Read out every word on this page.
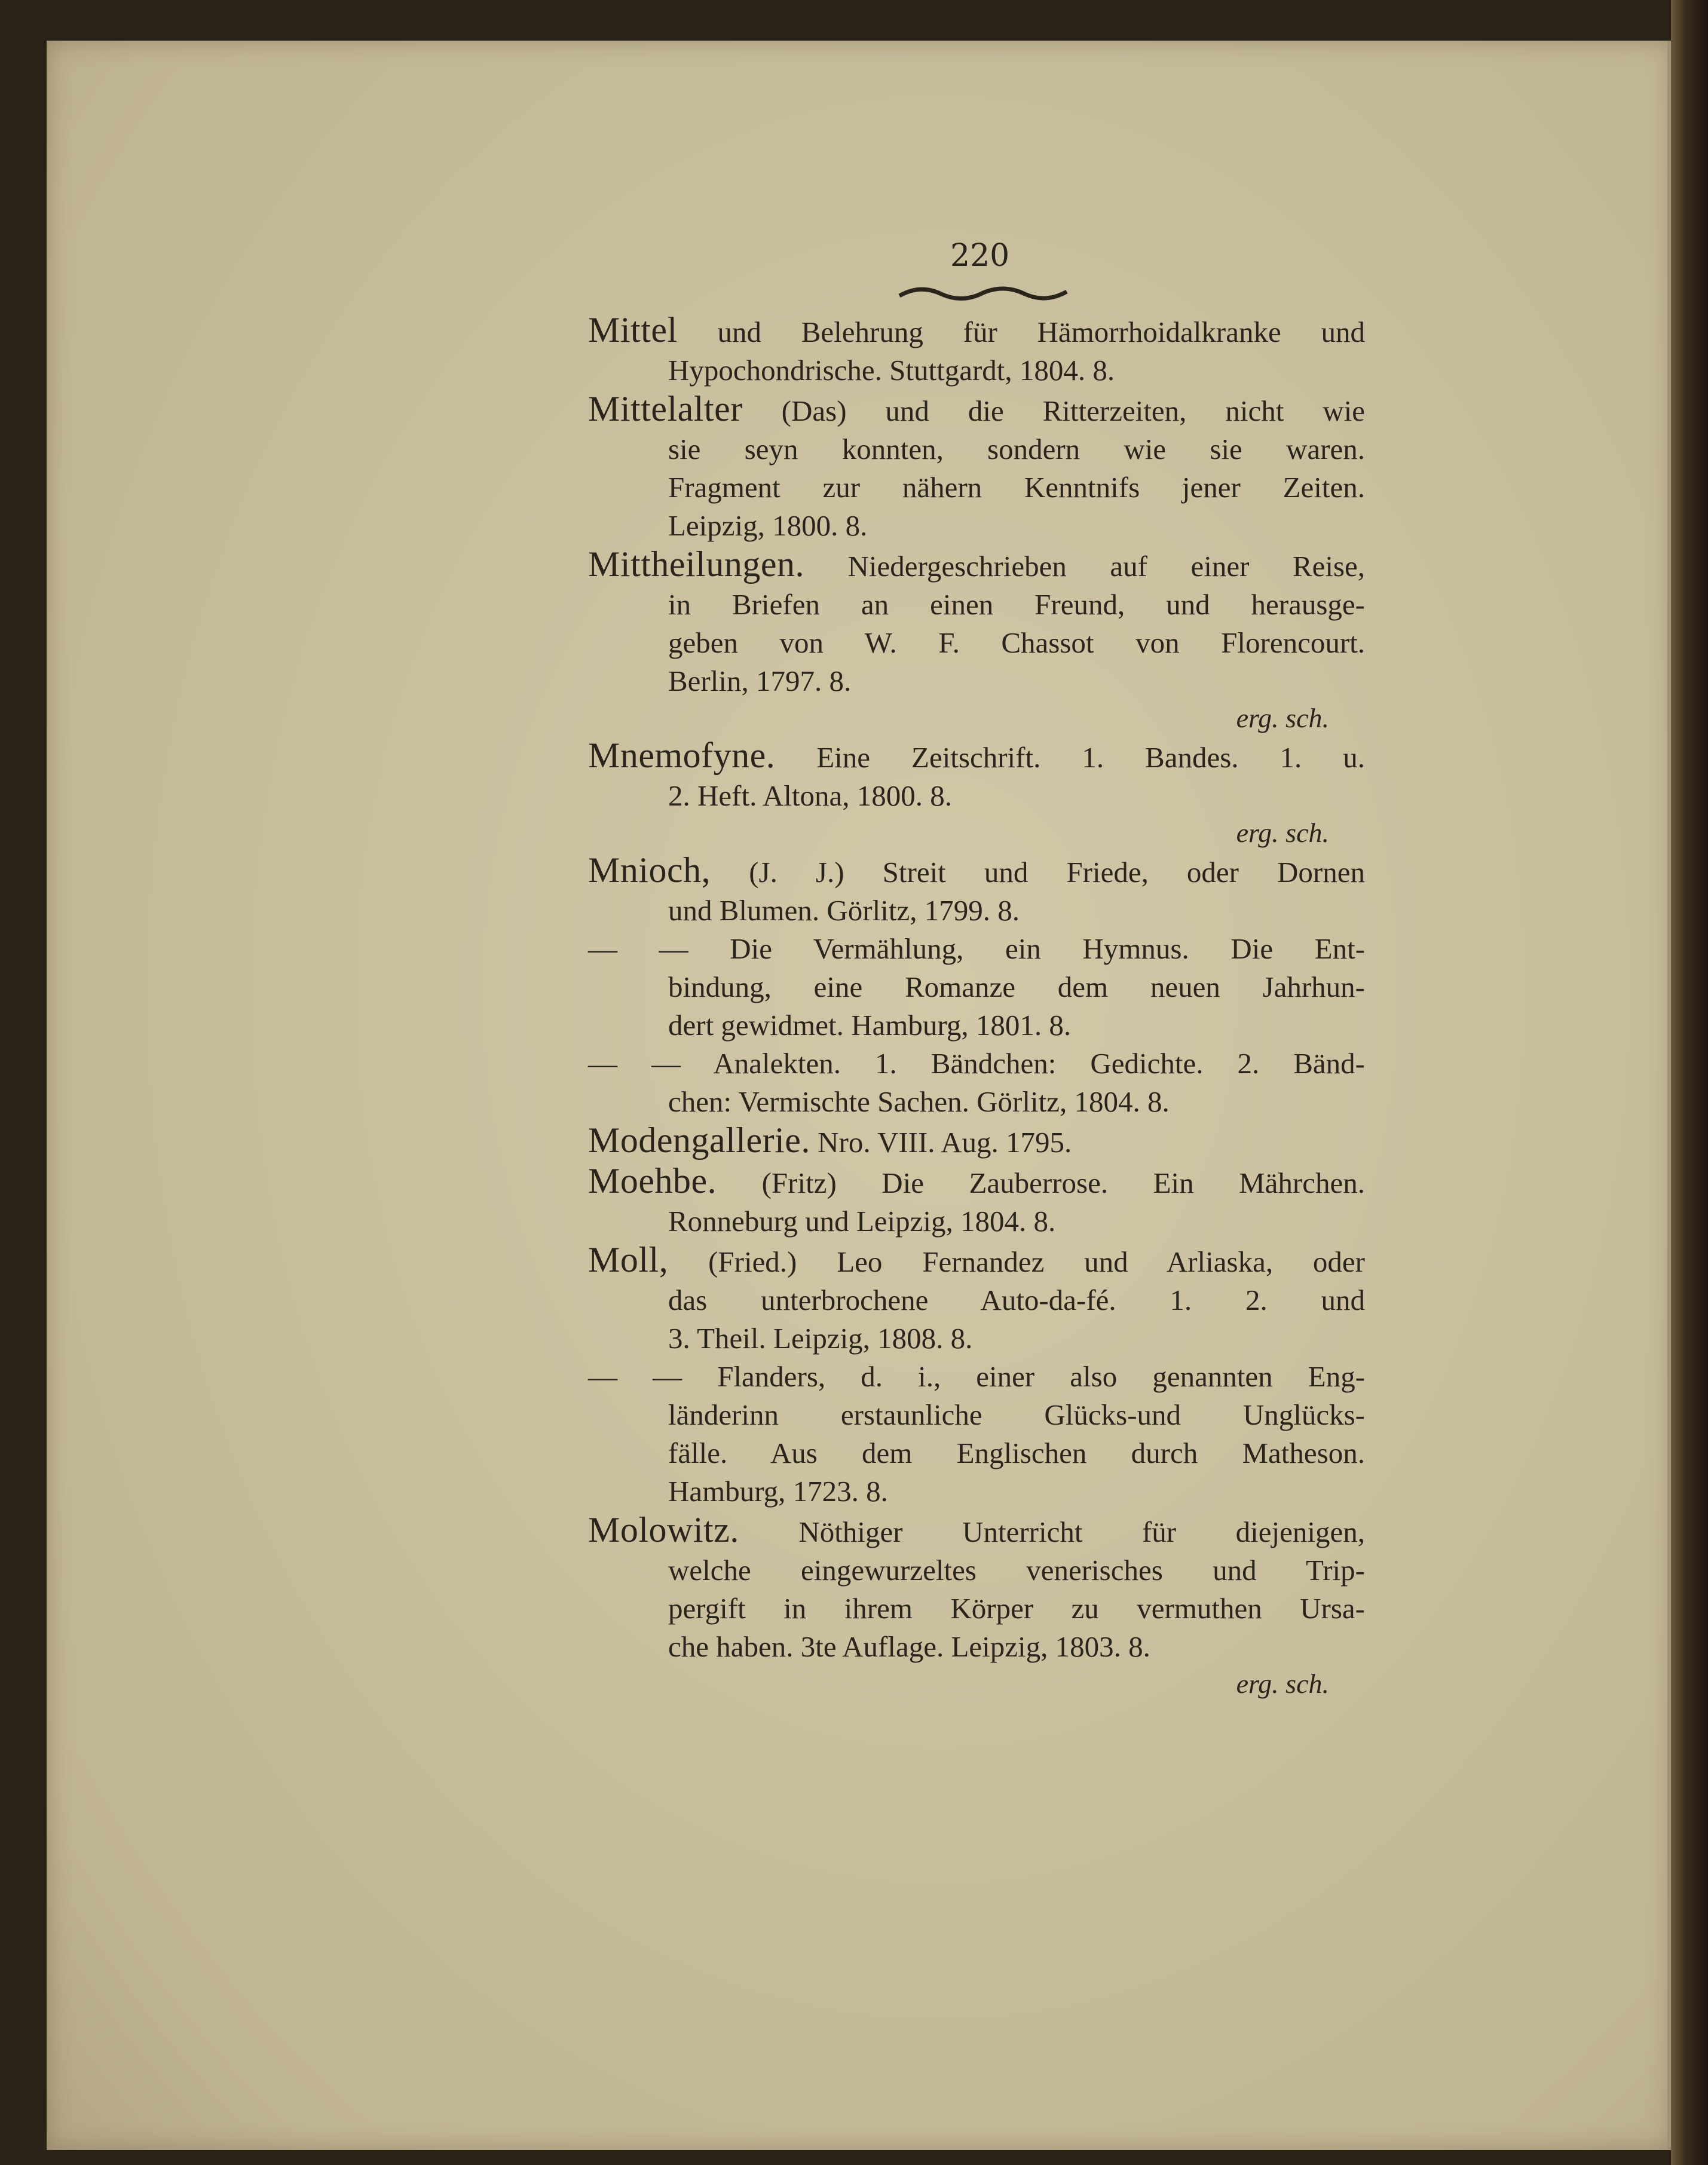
220
Mittel und Belehrung für Hämorrhoidalkranke und
Hypochondrische. Stuttgardt, 1804. 8.
Mittelalter (Das) und die Ritterzeiten, nicht wie
sie seyn konnten, sondern wie sie waren.
Fragment zur nähern Kenntnifs jener Zeiten.
Leipzig, 1800. 8.
Mittheilungen. Niedergeschrieben auf einer Reise,
in Briefen an einen Freund, und herausge-
geben von W. F. Chassot von Florencourt.
Berlin, 1797. 8.
erg. sch.
Mnemofyne. Eine Zeitschrift. 1. Bandes. 1. u.
2. Heft. Altona, 1800. 8.
erg. sch.
Mnioch, (J. J.) Streit und Friede, oder Dornen
und Blumen. Görlitz, 1799. 8.
— — Die Vermählung, ein Hymnus. Die Ent-
bindung, eine Romanze dem neuen Jahrhun-
dert gewidmet. Hamburg, 1801. 8.
— — Analekten. 1. Bändchen: Gedichte. 2. Bänd-
chen: Vermischte Sachen. Görlitz, 1804. 8.
Modengallerie. Nro. VIII. Aug. 1795.
Moehbe. (Fritz) Die Zauberrose. Ein Mährchen.
Ronneburg und Leipzig, 1804. 8.
Moll, (Fried.) Leo Fernandez und Arliaska, oder
das unterbrochene Auto-da-fé. 1. 2. und
3. Theil. Leipzig, 1808. 8.
— — Flanders, d. i., einer also genannten Eng-
länderinn erstaunliche Glücks-und Unglücks-
fälle. Aus dem Englischen durch Matheson.
Hamburg, 1723. 8.
Molowitz. Nöthiger Unterricht für diejenigen,
welche eingewurzeltes venerisches und Trip-
pergift in ihrem Körper zu vermuthen Ursa-
che haben. 3te Auflage. Leipzig, 1803. 8.
erg. sch.
